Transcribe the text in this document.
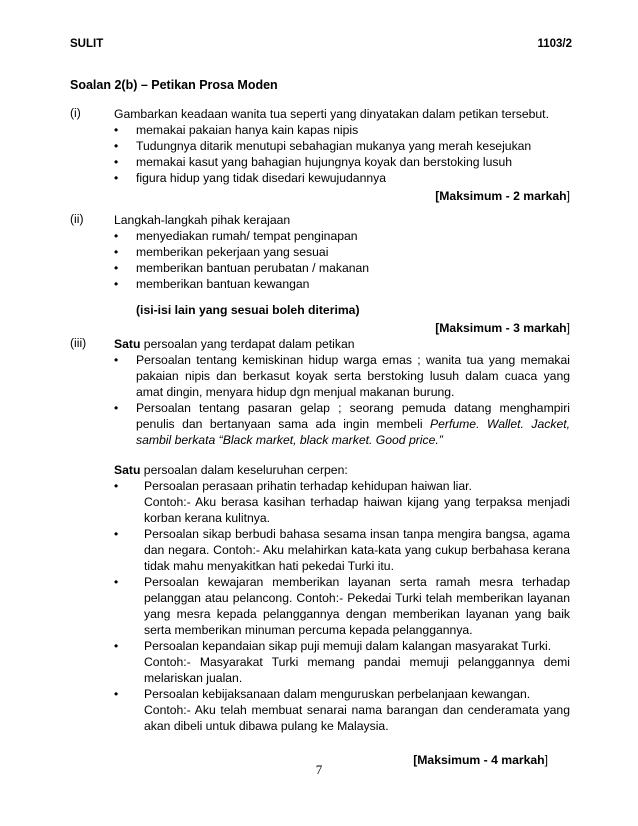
SULIT	1103/2
Soalan 2(b) – Petikan Prosa Moden
(i)	Gambarkan keadaan wanita tua seperti yang dinyatakan dalam petikan tersebut.

• memakai pakaian hanya kain kapas nipis
• Tudungnya ditarik menutupi sebahagian mukanya yang merah kesejukan
• memakai kasut yang bahagian hujungnya koyak dan berstoking lusuh
• figura hidup yang tidak disedari kewujudannya
[Maksimum - 2 markah]
(ii) Langkah-langkah pihak kerajaan

• menyediakan rumah/ tempat penginapan
• memberikan pekerjaan yang sesuai
• memberikan bantuan perubatan / makanan
• memberikan bantuan kewangan
(isi-isi lain yang sesuai boleh diterima)
[Maksimum - 3 markah]
(iii) Satu persoalan yang terdapat dalam petikan

• Persoalan tentang kemiskinan hidup warga emas ; wanita tua yang memakai pakaian nipis dan berkasut koyak serta berstoking lusuh dalam cuaca yang amat dingin, menyara hidup dgn menjual makanan burung.
• Persoalan tentang pasaran gelap ; seorang pemuda datang menghampiri penulis dan bertanyaan sama ada ingin membeli Perfume. Wallet. Jacket, sambil berkata “Black market, black market. Good price.”

Satu persoalan dalam keseluruhan cerpen:

• Persoalan perasaan prihatin terhadap kehidupan haiwan liar.
Contoh:- Aku berasa kasihan terhadap haiwan kijang yang terpaksa menjadi korban kerana kulitnya.
• Persoalan sikap berbudi bahasa sesama insan tanpa mengira bangsa, agama dan negara. Contoh:- Aku melahirkan kata-kata yang cukup berbahasa kerana tidak mahu menyakitkan hati pekedai Turki itu.
• Persoalan kewajaran memberikan layanan serta ramah mesra terhadap pelanggan atau pelancong. Contoh:- Pekedai Turki telah memberikan layanan yang mesra kepada pelanggannya dengan memberikan layanan yang baik serta memberikan minuman percuma kepada pelanggannya.
• Persoalan kepandaian sikap puji memuji dalam kalangan masyarakat Turki.
Contoh:- Masyarakat Turki memang pandai memuji pelanggannya demi melariskan jualan.
• Persoalan kebijaksanaan dalam menguruskan perbelanjaan kewangan.
Contoh:- Aku telah membuat senarai nama barangan dan cenderamata yang akan dibeli untuk dibawa pulang ke Malaysia.
[Maksimum - 4 markah]
7
